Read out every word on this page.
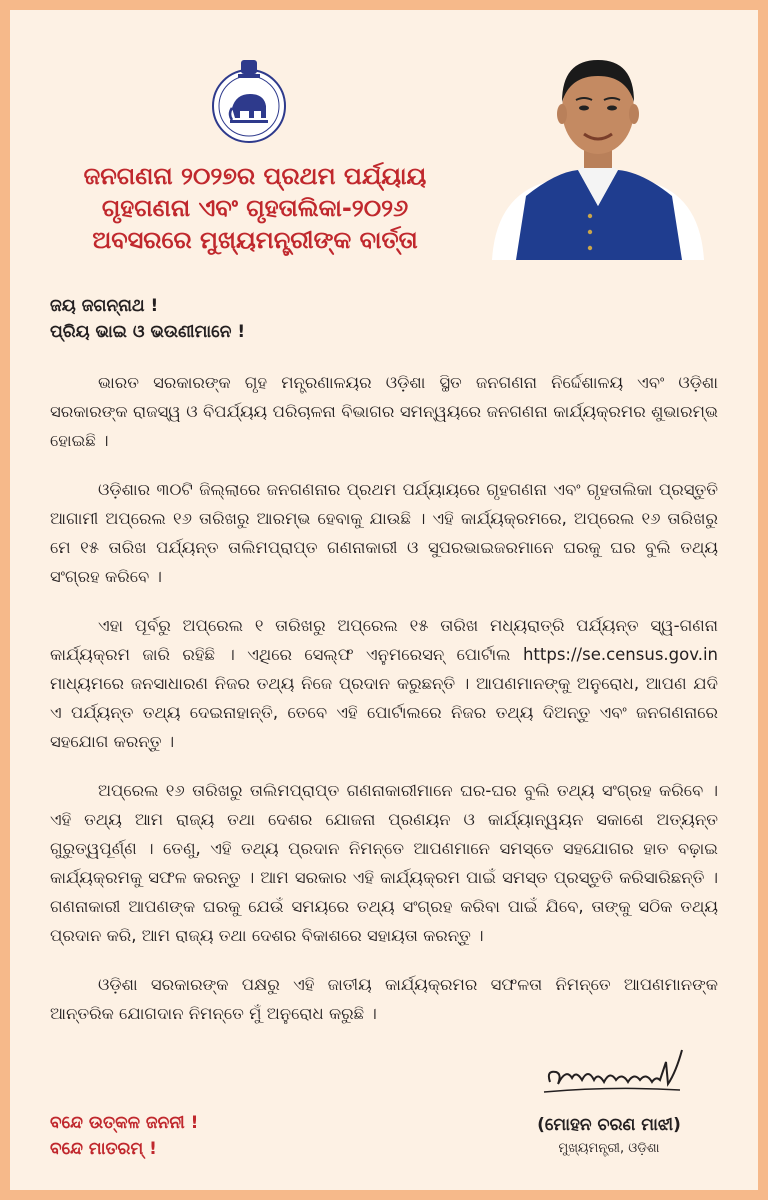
ଜନଗଣନା ୨୦୨୭ର ପ୍ରଥମ ପର୍ଯ୍ୟାୟ
ଗୃହଗଣନା ଏବଂ ଗୃହତାଲିକା-୨୦୨୬
ଅବସରରେ ମୁଖ୍ୟମନ୍ତ୍ରୀଙ୍କ ବାର୍ତ୍ତା
ଜୟ ଜଗନ୍ନାଥ !
ପ୍ରିୟ ଭାଇ ଓ ଭଉଣୀମାନେ !

ଭାରତ ସରକାରଙ୍କ ଗୃହ ମନ୍ତ୍ରଣାଳୟର ଓଡ଼ିଶା ସ୍ଥିତ ଜନଗଣନା ନିର୍ଦ୍ଦେଶାଳୟ ଏବଂ ଓଡ଼ିଶା ସରକାରଙ୍କ ରାଜସ୍ୱ ଓ ବିପର୍ଯ୍ୟୟ ପରିଚାଳନା ବିଭାଗର ସମନ୍ୱୟରେ ଜନଗଣନା କାର୍ଯ୍ୟକ୍ରମର ଶୁଭାରମ୍ଭ ହୋଇଛି ।

ଓଡ଼ିଶାର ୩୦ଟି ଜିଲ୍ଲାରେ ଜନଗଣନାର ପ୍ରଥମ ପର୍ଯ୍ୟାୟରେ ଗୃହଗଣନା ଏବଂ ଗୃହତାଲିକା ପ୍ରସ୍ତୁତି ଆଗାମୀ ଅପ୍ରେଲ ୧୬ ତାରିଖରୁ ଆରମ୍ଭ ହେବାକୁ ଯାଉଛି । ଏହି କାର୍ଯ୍ୟକ୍ରମରେ, ଅପ୍ରେଲ ୧୬ ତାରିଖରୁ ମେ ୧୫ ତାରିଖ ପର୍ଯ୍ୟନ୍ତ ତାଲିମପ୍ରାପ୍ତ ଗଣନାକାରୀ ଓ ସୁପରଭାଇଜରମାନେ ଘରକୁ ଘର ବୁଲି ତଥ୍ୟ ସଂଗ୍ରହ କରିବେ ।

ଏହା ପୂର୍ବରୁ ଅପ୍ରେଲ ୧ ତାରିଖରୁ ଅପ୍ରେଲ ୧୫ ତାରିଖ ମଧ୍ୟରାତ୍ରି ପର୍ଯ୍ୟନ୍ତ ସ୍ୱ-ଗଣନା କାର୍ଯ୍ୟକ୍ରମ ଜାରି ରହିଛି । ଏଥିରେ ସେଲ୍ଫ ଏନୁମରେସନ୍ ପୋର୍ଟାଲ https://se.census.gov.in ମାଧ୍ୟମରେ ଜନସାଧାରଣ ନିଜର ତଥ୍ୟ ନିଜେ ପ୍ରଦାନ କରୁଛନ୍ତି । ଆପଣମାନଙ୍କୁ ଅନୁରୋଧ, ଆପଣ ଯଦି ଏ ପର୍ଯ୍ୟନ୍ତ ତଥ୍ୟ ଦେଇନାହାନ୍ତି, ତେବେ ଏହି ପୋର୍ଟାଲରେ ନିଜର ତଥ୍ୟ ଦିଅନ୍ତୁ ଏବଂ ଜନଗଣନାରେ ସହଯୋଗ କରନ୍ତୁ ।

ଅପ୍ରେଲ ୧୬ ତାରିଖରୁ ତାଲିମପ୍ରାପ୍ତ ଗଣନାକାରୀମାନେ ଘର-ଘର ବୁଲି ତଥ୍ୟ ସଂଗ୍ରହ କରିବେ । ଏହି ତଥ୍ୟ ଆମ ରାଜ୍ୟ ତଥା ଦେଶର ଯୋଜନା ପ୍ରଣୟନ ଓ କାର୍ଯ୍ୟାନ୍ୱୟନ ସକାଶେ ଅତ୍ୟନ୍ତ ଗୁରୁତ୍ୱପୂର୍ଣ୍ଣ । ତେଣୁ, ଏହି ତଥ୍ୟ ପ୍ରଦାନ ନିମନ୍ତେ ଆପଣମାନେ ସମସ୍ତେ ସହଯୋଗର ହାତ ବଢ଼ାଇ କାର୍ଯ୍ୟକ୍ରମକୁ ସଫଳ କରନ୍ତୁ । ଆମ ସରକାର ଏହି କାର୍ଯ୍ୟକ୍ରମ ପାଇଁ ସମସ୍ତ ପ୍ରସ୍ତୁତି କରିସାରିଛନ୍ତି । ଗଣନାକାରୀ ଆପଣଙ୍କ ଘରକୁ ଯେଉଁ ସମୟରେ ତଥ୍ୟ ସଂଗ୍ରହ କରିବା ପାଇଁ ଯିବେ, ତାଙ୍କୁ ସଠିକ ତଥ୍ୟ ପ୍ରଦାନ କରି, ଆମ ରାଜ୍ୟ ତଥା ଦେଶର ବିକାଶରେ ସହାୟତା କରନ୍ତୁ ।

ଓଡ଼ିଶା ସରକାରଙ୍କ ପକ୍ଷରୁ ଏହି ଜାତୀୟ କାର୍ଯ୍ୟକ୍ରମର ସଫଳତା ନିମନ୍ତେ ଆପଣମାନଙ୍କ ଆନ୍ତରିକ ଯୋଗଦାନ ନିମନ୍ତେ ମୁଁ ଅନୁରୋଧ କରୁଛି ।

(ମୋହନ ଚରଣ ମାଝୀ)
ମୁଖ୍ୟମନ୍ତ୍ରୀ, ଓଡ଼ିଶା
ବନ୍ଦେ ଉତ୍କଳ ଜନନୀ !
ବନ୍ଦେ ମାତରମ୍ !
